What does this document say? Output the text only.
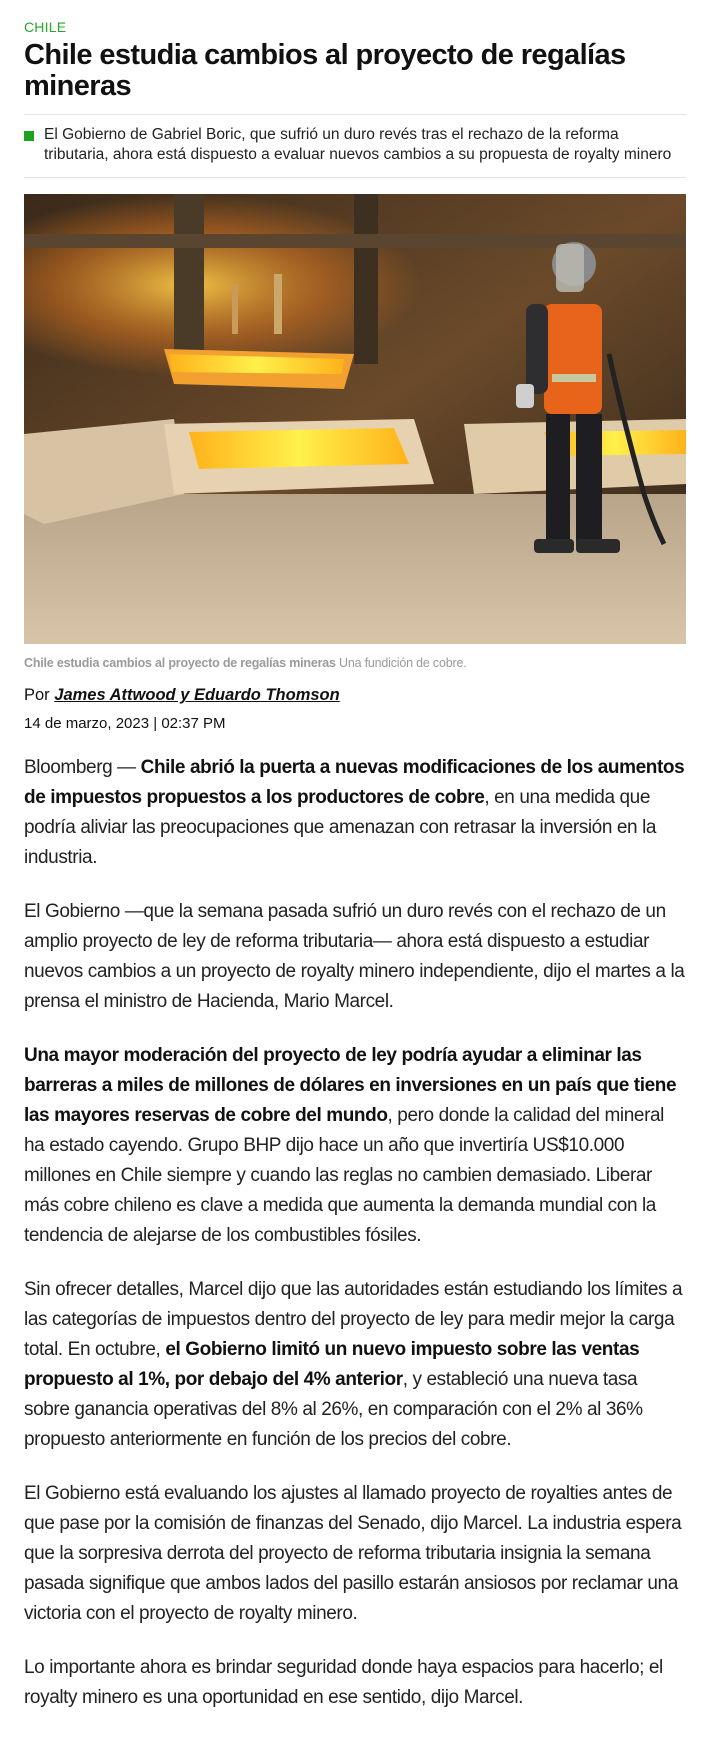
CHILE
Chile estudia cambios al proyecto de regalías mineras
El Gobierno de Gabriel Boric, que sufrió un duro revés tras el rechazo de la reforma tributaria, ahora está dispuesto a evaluar nuevos cambios a su propuesta de royalty minero
Chile estudia cambios al proyecto de regalías mineras Una fundición de cobre.
Por James Attwood y Eduardo Thomson
14 de marzo, 2023 | 02:37 PM

Bloomberg — Chile abrió la puerta a nuevas modificaciones de los aumentos de impuestos propuestos a los productores de cobre, en una medida que podría aliviar las preocupaciones que amenazan con retrasar la inversión en la industria.

El Gobierno —que la semana pasada sufrió un duro revés con el rechazo de un amplio proyecto de ley de reforma tributaria— ahora está dispuesto a estudiar nuevos cambios a un proyecto de royalty minero independiente, dijo el martes a la prensa el ministro de Hacienda, Mario Marcel.

Una mayor moderación del proyecto de ley podría ayudar a eliminar las barreras a miles de millones de dólares en inversiones en un país que tiene las mayores reservas de cobre del mundo, pero donde la calidad del mineral ha estado cayendo. Grupo BHP dijo hace un año que invertiría US$10.000 millones en Chile siempre y cuando las reglas no cambien demasiado. Liberar más cobre chileno es clave a medida que aumenta la demanda mundial con la tendencia de alejarse de los combustibles fósiles.

Sin ofrecer detalles, Marcel dijo que las autoridades están estudiando los límites a las categorías de impuestos dentro del proyecto de ley para medir mejor la carga total. En octubre, el Gobierno limitó un nuevo impuesto sobre las ventas propuesto al 1%, por debajo del 4% anterior, y estableció una nueva tasa sobre ganancia operativas del 8% al 26%, en comparación con el 2% al 36% propuesto anteriormente en función de los precios del cobre.

El Gobierno está evaluando los ajustes al llamado proyecto de royalties antes de que pase por la comisión de finanzas del Senado, dijo Marcel. La industria espera que la sorpresiva derrota del proyecto de reforma tributaria insignia la semana pasada signifique que ambos lados del pasillo estarán ansiosos por reclamar una victoria con el proyecto de royalty minero.

Lo importante ahora es brindar seguridad donde haya espacios para hacerlo; el royalty minero es una oportunidad en ese sentido, dijo Marcel.
